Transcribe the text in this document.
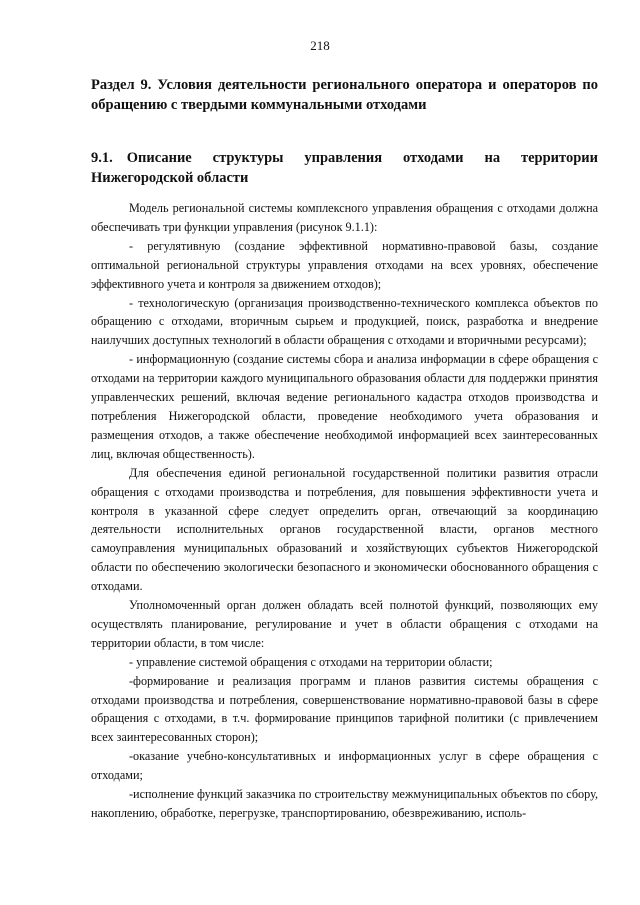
218
Раздел 9. Условия деятельности регионального оператора и операторов по обращению с твердыми коммунальными отходами
9.1. Описание структуры управления отходами на территории Нижегородской области

Модель региональной системы комплексного управления обращения с отходами должна обеспечивать три функции управления (рисунок 9.1.1):

- регулятивную (создание эффективной нормативно-правовой базы, создание оптимальной региональной структуры управления отходами на всех уровнях, обеспечение эффективного учета и контроля за движением отходов);

- технологическую (организация производственно-технического комплекса объектов по обращению с отходами, вторичным сырьем и продукцией, поиск, разработка и внедрение наилучших доступных технологий в области обращения с отходами и вторичными ресурсами);

- информационную (создание системы сбора и анализа информации в сфере обращения с отходами на территории каждого муниципального образования области для поддержки принятия управленческих решений, включая ведение регионального кадастра отходов производства и потребления Нижегородской области, проведение необходимого учета образования и размещения отходов, а также обеспечение необходимой информацией всех заинтересованных лиц, включая общественность).

Для обеспечения единой региональной государственной политики развития отрасли обращения с отходами производства и потребления, для повышения эффективности учета и контроля в указанной сфере следует определить орган, отвечающий за координацию деятельности исполнительных органов государственной власти, органов местного самоуправления муниципальных образований и хозяйствующих субъектов Нижегородской области по обеспечению экологически безопасного и экономически обоснованного обращения с отходами.

Уполномоченный орган должен обладать всей полнотой функций, позволяющих ему осуществлять планирование, регулирование и учет в области обращения с отходами на территории области, в том числе:

- управление системой обращения с отходами на территории области;

-формирование и реализация программ и планов развития системы обращения с отходами производства и потребления, совершенствование нормативно-правовой базы в сфере обращения с отходами, в т.ч. формирование принципов тарифной политики (с привлечением всех заинтересованных сторон);

-оказание учебно-консультативных и информационных услуг в сфере обращения с отходами;

-исполнение функций заказчика по строительству межмуниципальных объектов по сбору, накоплению, обработке, перегрузке, транспортированию, обезвреживанию, исполь-
